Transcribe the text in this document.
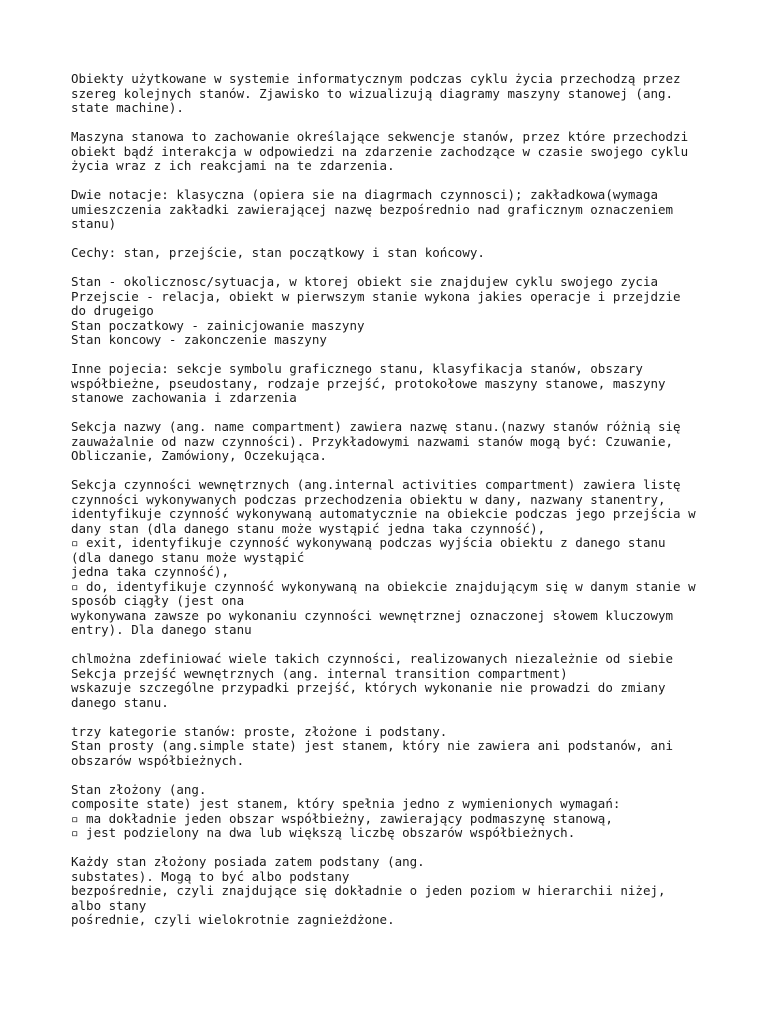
Obiekty użytkowane w systemie informatycznym podczas cyklu życia przechodzą przez
szereg kolejnych stanów. Zjawisko to wizualizują diagramy maszyny stanowej (ang.
state machine).

Maszyna stanowa to zachowanie określające sekwencje stanów, przez które przechodzi
obiekt bądź interakcja w odpowiedzi na zdarzenie zachodzące w czasie swojego cyklu
życia wraz z ich reakcjami na te zdarzenia.

Dwie notacje: klasyczna (opiera sie na diagrmach czynnosci); zakładkowa(wymaga
umieszczenia zakładki zawierającej nazwę bezpośrednio nad graficznym oznaczeniem
stanu)

Cechy: stan, przejście, stan początkowy i stan końcowy.

Stan - okolicznosc/sytuacja, w ktorej obiekt sie znajdujew cyklu swojego zycia
Przejscie - relacja, obiekt w pierwszym stanie wykona jakies operacje i przejdzie
do drugeigo
Stan poczatkowy - zainicjowanie maszyny
Stan koncowy - zakonczenie maszyny

Inne pojecia: sekcje symbolu graficznego stanu, klasyfikacja stanów, obszary
współbieżne, pseudostany, rodzaje przejść, protokołowe maszyny stanowe, maszyny
stanowe zachowania i zdarzenia

Sekcja nazwy (ang. name compartment) zawiera nazwę stanu.(nazwy stanów różnią się
zauważalnie od nazw czynności). Przykładowymi nazwami stanów mogą być: Czuwanie,
Obliczanie, Zamówiony, Oczekująca.

Sekcja czynności wewnętrznych (ang.internal activities compartment) zawiera listę
czynności wykonywanych podczas przechodzenia obiektu w dany, nazwany stanentry,
identyfikuje czynność wykonywaną automatycznie na obiekcie podczas jego przejścia w
dany stan (dla danego stanu może wystąpić jedna taka czynność),
▫ exit, identyfikuje czynność wykonywaną podczas wyjścia obiektu z danego stanu
(dla danego stanu może wystąpić
jedna taka czynność),
▫ do, identyfikuje czynność wykonywaną na obiekcie znajdującym się w danym stanie w
sposób ciągły (jest ona
wykonywana zawsze po wykonaniu czynności wewnętrznej oznaczonej słowem kluczowym
entry). Dla danego stanu

chlmożna zdefiniować wiele takich czynności, realizowanych niezależnie od siebie
Sekcja przejść wewnętrznych (ang. internal transition compartment)
wskazuje szczególne przypadki przejść, których wykonanie nie prowadzi do zmiany
danego stanu.

trzy kategorie stanów: proste, złożone i podstany.
Stan prosty (ang.simple state) jest stanem, który nie zawiera ani podstanów, ani
obszarów współbieżnych.

Stan złożony (ang.
composite state) jest stanem, który spełnia jedno z wymienionych wymagań:
▫ ma dokładnie jeden obszar współbieżny, zawierający podmaszynę stanową,
▫ jest podzielony na dwa lub większą liczbę obszarów współbieżnych.

Każdy stan złożony posiada zatem podstany (ang.
substates). Mogą to być albo podstany
bezpośrednie, czyli znajdujące się dokładnie o jeden poziom w hierarchii niżej,
albo stany
pośrednie, czyli wielokrotnie zagnieżdżone.
